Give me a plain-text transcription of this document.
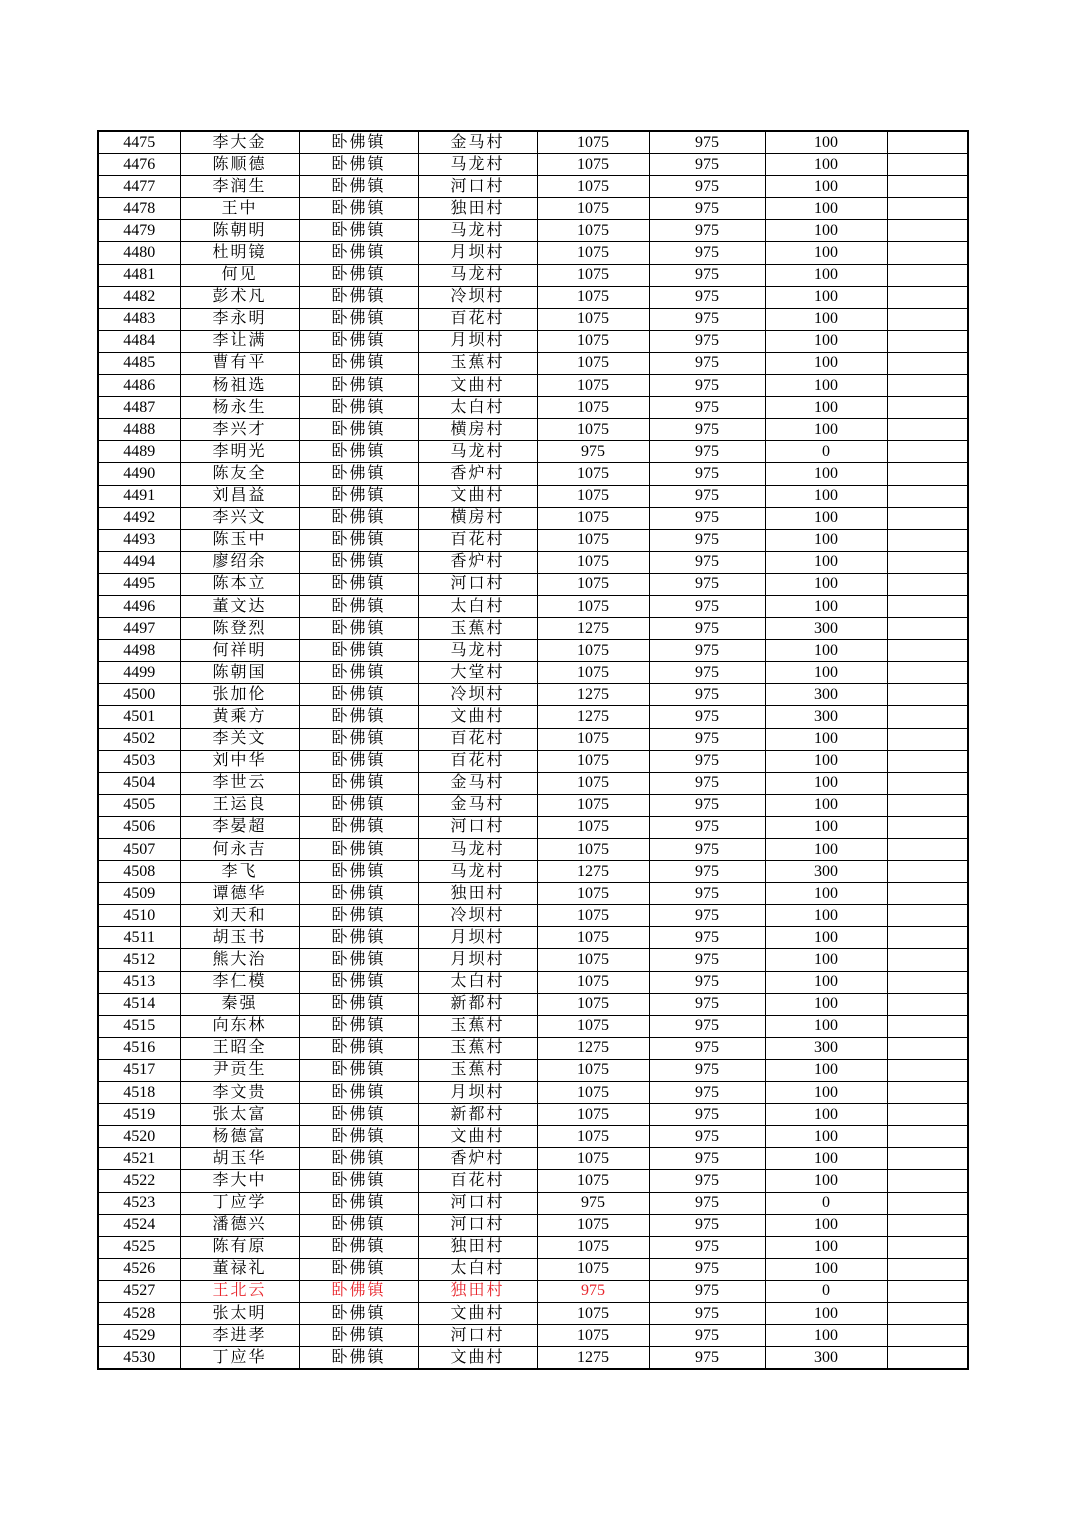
4475	李大金	卧佛镇	金马村	1075	975	100	
4476	陈顺德	卧佛镇	马龙村	1075	975	100	
4477	李润生	卧佛镇	河口村	1075	975	100	
4478	王中	卧佛镇	独田村	1075	975	100	
4479	陈朝明	卧佛镇	马龙村	1075	975	100	
4480	杜明镜	卧佛镇	月坝村	1075	975	100	
4481	何见	卧佛镇	马龙村	1075	975	100	
4482	彭术凡	卧佛镇	冷坝村	1075	975	100	
4483	李永明	卧佛镇	百花村	1075	975	100	
4484	李让满	卧佛镇	月坝村	1075	975	100	
4485	曹有平	卧佛镇	玉蕉村	1075	975	100	
4486	杨祖选	卧佛镇	文曲村	1075	975	100	
4487	杨永生	卧佛镇	太白村	1075	975	100	
4488	李兴才	卧佛镇	横房村	1075	975	100	
4489	李明光	卧佛镇	马龙村	975	975	0	
4490	陈友全	卧佛镇	香炉村	1075	975	100	
4491	刘昌益	卧佛镇	文曲村	1075	975	100	
4492	李兴文	卧佛镇	横房村	1075	975	100	
4493	陈玉中	卧佛镇	百花村	1075	975	100	
4494	廖绍余	卧佛镇	香炉村	1075	975	100	
4495	陈本立	卧佛镇	河口村	1075	975	100	
4496	董文达	卧佛镇	太白村	1075	975	100	
4497	陈登烈	卧佛镇	玉蕉村	1275	975	300	
4498	何祥明	卧佛镇	马龙村	1075	975	100	
4499	陈朝国	卧佛镇	大堂村	1075	975	100	
4500	张加伦	卧佛镇	冷坝村	1275	975	300	
4501	黄乘方	卧佛镇	文曲村	1275	975	300	
4502	李关文	卧佛镇	百花村	1075	975	100	
4503	刘中华	卧佛镇	百花村	1075	975	100	
4504	李世云	卧佛镇	金马村	1075	975	100	
4505	王运良	卧佛镇	金马村	1075	975	100	
4506	李晏超	卧佛镇	河口村	1075	975	100	
4507	何永吉	卧佛镇	马龙村	1075	975	100	
4508	李飞	卧佛镇	马龙村	1275	975	300	
4509	谭德华	卧佛镇	独田村	1075	975	100	
4510	刘天和	卧佛镇	冷坝村	1075	975	100	
4511	胡玉书	卧佛镇	月坝村	1075	975	100	
4512	熊大治	卧佛镇	月坝村	1075	975	100	
4513	李仁模	卧佛镇	太白村	1075	975	100	
4514	秦强	卧佛镇	新都村	1075	975	100	
4515	向东林	卧佛镇	玉蕉村	1075	975	100	
4516	王昭全	卧佛镇	玉蕉村	1275	975	300	
4517	尹贡生	卧佛镇	玉蕉村	1075	975	100	
4518	李文贵	卧佛镇	月坝村	1075	975	100	
4519	张太富	卧佛镇	新都村	1075	975	100	
4520	杨德富	卧佛镇	文曲村	1075	975	100	
4521	胡玉华	卧佛镇	香炉村	1075	975	100	
4522	李大中	卧佛镇	百花村	1075	975	100	
4523	丁应学	卧佛镇	河口村	975	975	0	
4524	潘德兴	卧佛镇	河口村	1075	975	100	
4525	陈有原	卧佛镇	独田村	1075	975	100	
4526	董禄礼	卧佛镇	太白村	1075	975	100	
4527	王北云	卧佛镇	独田村	975	975	0	
4528	张太明	卧佛镇	文曲村	1075	975	100	
4529	李进孝	卧佛镇	河口村	1075	975	100	
4530	丁应华	卧佛镇	文曲村	1275	975	300	
